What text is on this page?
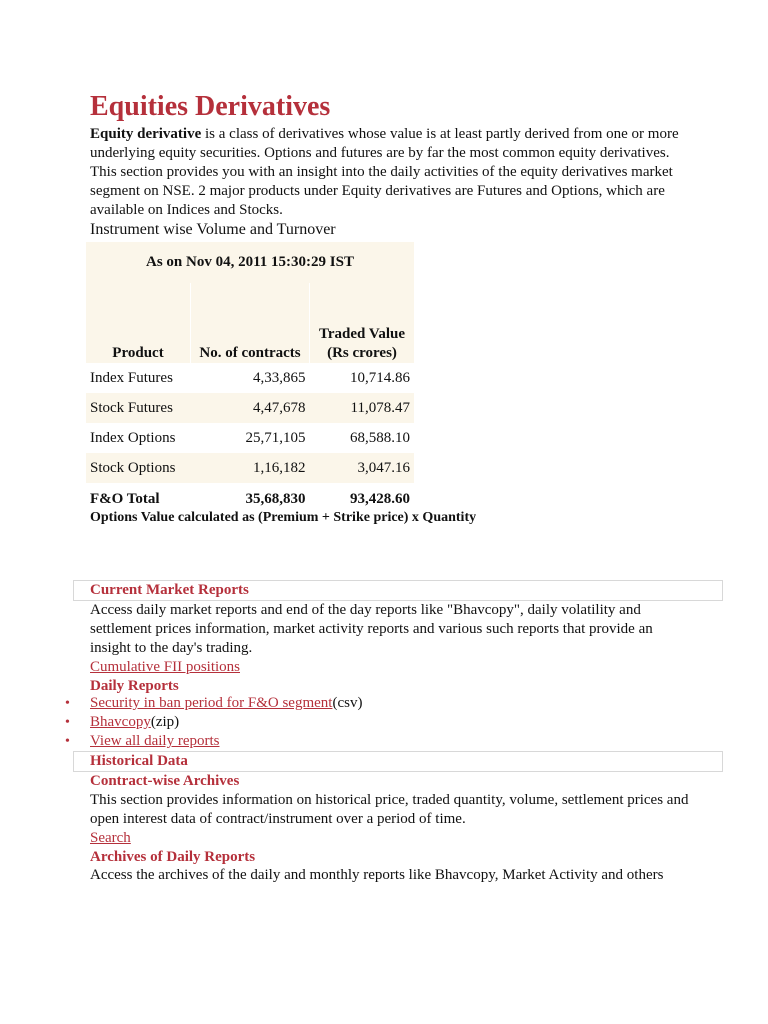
Equities Derivatives
Equity derivative is a class of derivatives whose value is at least partly derived from one or more underlying equity securities. Options and futures are by far the most common equity derivatives. This section provides you with an insight into the daily activities of the equity derivatives market segment on NSE. 2 major products under Equity derivatives are Futures and Options, which are available on Indices and Stocks.
Instrument wise Volume and Turnover
As on Nov 04, 2011 15:30:29 IST		
Product	No. of contracts	Traded Value (Rs crores)
Index Futures	4,33,865	10,714.86
Stock Futures	4,47,678	11,078.47
Index Options	25,71,105	68,588.10
Stock Options	1,16,182	3,047.16
F&O Total	35,68,830	93,428.60
Options Value calculated as (Premium + Strike price) x Quantity
Current Market Reports
Access daily market reports and end of the day reports like "Bhavcopy", daily volatility and settlement prices information, market activity reports and various such reports that provide an insight to the day's trading.
Cumulative FII positions
Daily Reports
• Security in ban period for F&O segment(csv)
• Bhavcopy(zip)
• View all daily reports
Historical Data
Contract-wise Archives
This section provides information on historical price, traded quantity, volume, settlement prices and open interest data of contract/instrument over a period of time.
Search
Archives of Daily Reports
Access the archives of the daily and monthly reports like Bhavcopy, Market Activity and others
